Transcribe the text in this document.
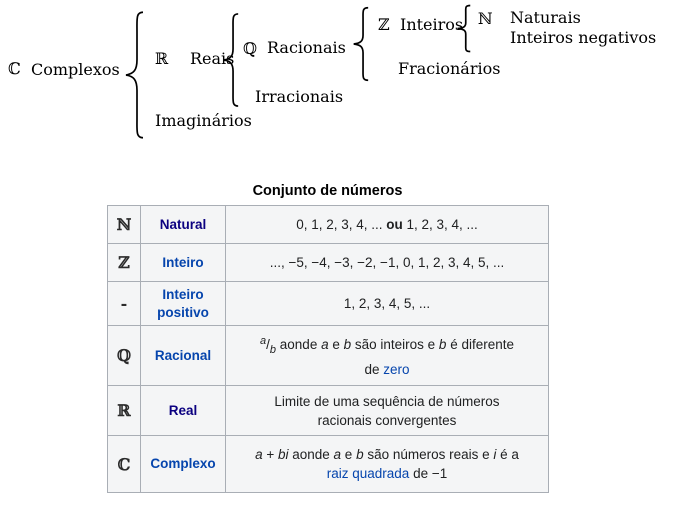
ℂ Complexos
ℝ Reais
Imaginários
ℚ Racionais
Irracionais
ℤ Inteiros
Fracionários
ℕ Naturais
Inteiros negativos
Conjunto de números
ℕ	Natural	0, 1, 2, 3, 4, ... ou 1, 2, 3, 4, ...
ℤ	Inteiro	..., −5, −4, −3, −2, −1, 0, 1, 2, 3, 4, 5, ...
-	Inteiro positivo	1, 2, 3, 4, 5, ...
ℚ	Racional	$^a/_b$ aonde a e b são inteiros e b é diferente
de zero
ℝ	Real	Limite de uma sequência de números
racionais convergentes
ℂ	Complexo	a + bi aonde a e b são números reais e i é a
raiz quadrada de −1
